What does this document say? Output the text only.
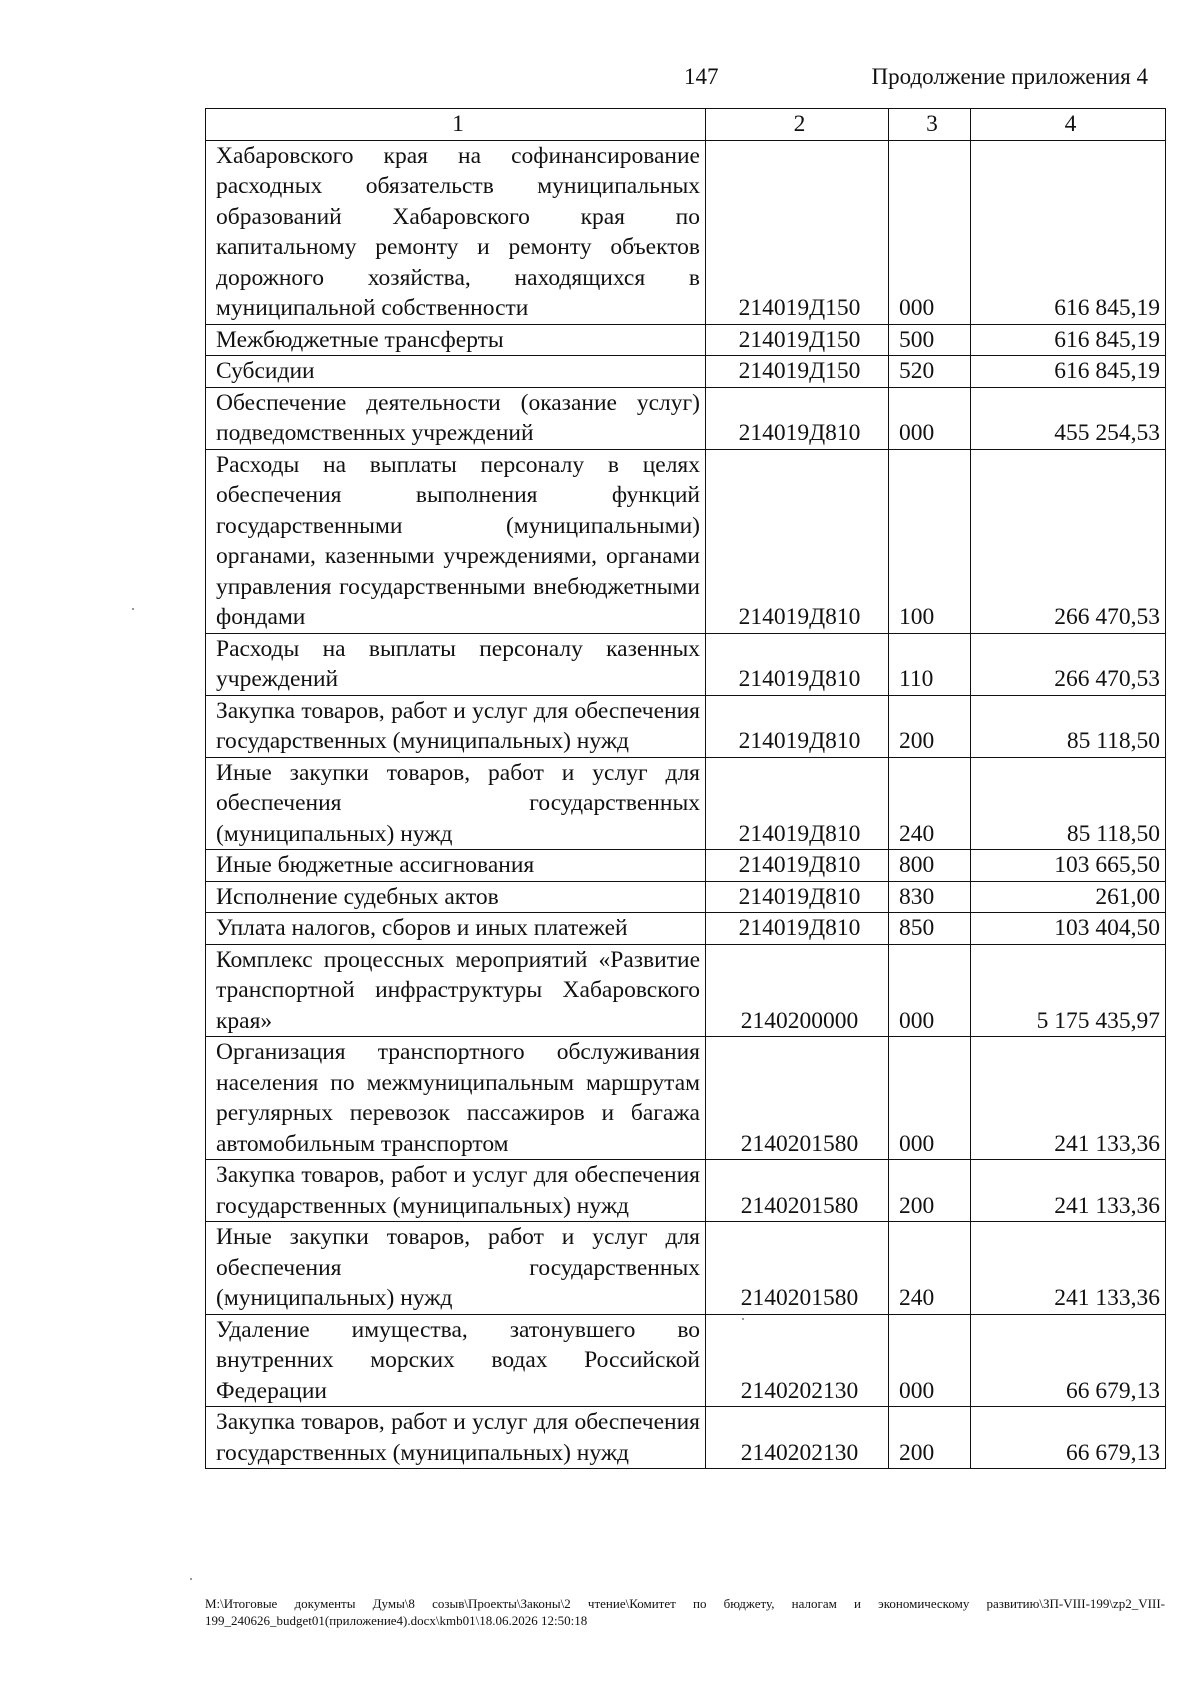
147	Продолжение приложения 4
1	2	3	4
Хабаровского края на софинансирование расходных обязательств муниципальных образований Хабаровского края по капитальному ремонту и ремонту объектов дорожного хозяйства, находящихся в муниципальной собственности	214019Д150	000	616 845,19
Межбюджетные трансферты	214019Д150	500	616 845,19
Субсидии	214019Д150	520	616 845,19
Обеспечение деятельности (оказание услуг) подведомственных учреждений	214019Д810	000	455 254,53
Расходы на выплаты персоналу в целях обеспечения выполнения функций государственными (муниципальными) органами, казенными учреждениями, органами управления государственными внебюджетными фондами	214019Д810	100	266 470,53
Расходы на выплаты персоналу казенных учреждений	214019Д810	110	266 470,53
Закупка товаров, работ и услуг для обеспечения государственных (муниципальных) нужд	214019Д810	200	85 118,50
Иные закупки товаров, работ и услуг для обеспечения государственных (муниципальных) нужд	214019Д810	240	85 118,50
Иные бюджетные ассигнования	214019Д810	800	103 665,50
Исполнение судебных актов	214019Д810	830	261,00
Уплата налогов, сборов и иных платежей	214019Д810	850	103 404,50
Комплекс процессных мероприятий «Развитие транспортной инфраструктуры Хабаровского края»	2140200000	000	5 175 435,97
Организация транспортного обслуживания населения по межмуниципальным маршрутам регулярных перевозок пассажиров и багажа автомобильным транспортом	2140201580	000	241 133,36
Закупка товаров, работ и услуг для обеспечения государственных (муниципальных) нужд	2140201580	200	241 133,36
Иные закупки товаров, работ и услуг для обеспечения государственных (муниципальных) нужд	2140201580	240	241 133,36
Удаление имущества, затонувшего во внутренних морских водах Российской Федерации	2140202130	000	66 679,13
Закупка товаров, работ и услуг для обеспечения государственных (муниципальных) нужд	2140202130	200	66 679,13
М:\Итоговые документы Думы\8 созыв\Проекты\Законы\2 чтение\Комитет по бюджету, налогам и экономическому развитию\ЗП-VIII-199\zp2_VIII-199_240626_budget01(приложение4).docx\kmb01\18.06.2026 12:50:18
